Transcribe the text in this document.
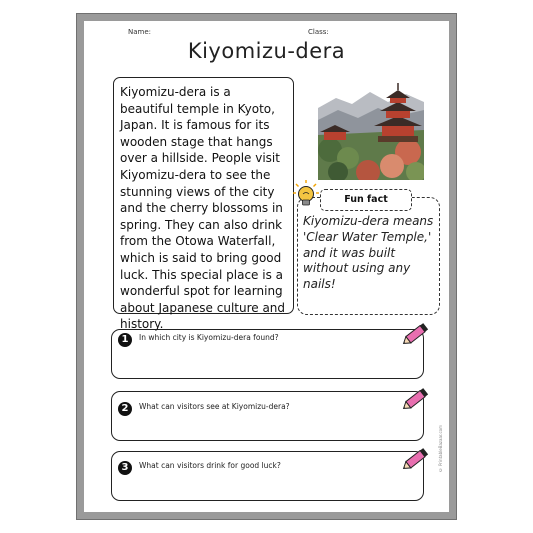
Name:	Class:
Kiyomizu-dera
Kiyomizu-dera is a beautiful temple in Kyoto, Japan. It is famous for its wooden stage that hangs over a hillside. People visit Kiyomizu-dera to see the stunning views of the city and the cherry blossoms in spring. They can also drink from the Otowa Waterfall, which is said to bring good luck. This special place is a wonderful spot for learning about Japanese culture and history.
Fun fact
Kiyomizu-dera means 'Clear Water Temple,' and it was built without using any nails!
1	In which city is Kiyomizu-dera found?
2	What can visitors see at Kiyomizu-dera?
3	What can visitors drink for good luck?	© PrintableBazaar.com
